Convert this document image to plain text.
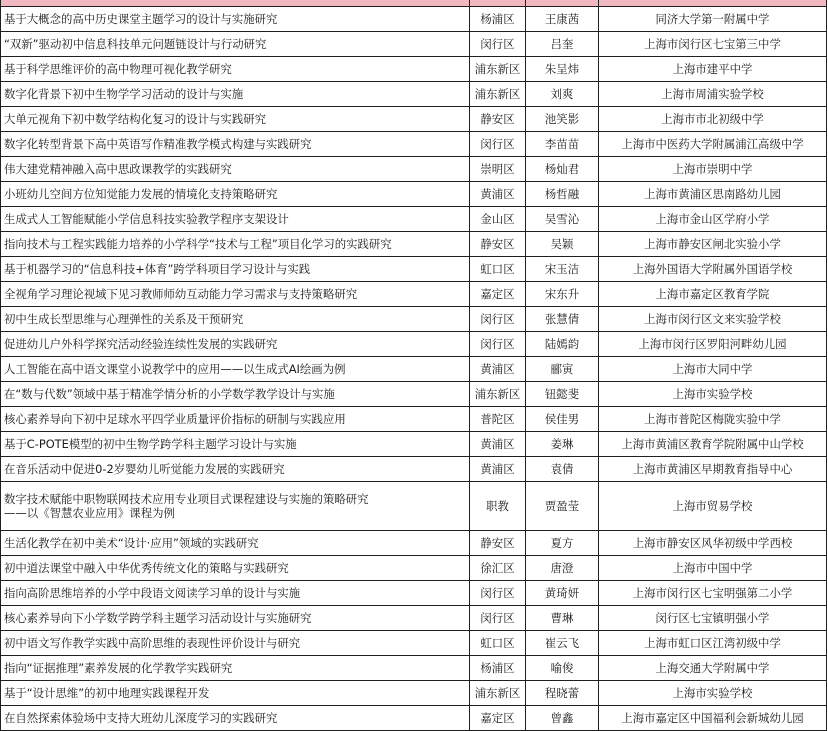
基于大概念的高中历史课堂主题学习的设计与实施研究	杨浦区	王康茜	同济大学第一附属中学
“双新”驱动初中信息科技单元问题链设计与行动研究	闵行区	吕奎	上海市闵行区七宝第三中学
基于科学思维评价的高中物理可视化教学研究	浦东新区	朱呈炜	上海市建平中学
数字化背景下初中生物学学习活动的设计与实施	浦东新区	刘爽	上海市周浦实验学校
大单元视角下初中数学结构化复习的设计与实践研究	静安区	池笑影	上海市市北初级中学
数字化转型背景下高中英语写作精准教学模式构建与实践研究	闵行区	李苗苗	上海市中医药大学附属浦江高级中学
伟大建党精神融入高中思政课教学的实践研究	崇明区	杨灿君	上海市崇明中学
小班幼儿空间方位知觉能力发展的情境化支持策略研究	黄浦区	杨哲融	上海市黄浦区思南路幼儿园
生成式人工智能赋能小学信息科技实验教学程序支架设计	金山区	吴雪沁	上海市金山区学府小学
指向技术与工程实践能力培养的小学科学“技术与工程”项目化学习的实践研究	静安区	吴颖	上海市静安区闸北实验小学
基于机器学习的“信息科技+体育”跨学科项目学习设计与实践	虹口区	宋玉洁	上海外国语大学附属外国语学校
全视角学习理论视域下见习教师师幼互动能力学习需求与支持策略研究	嘉定区	宋东升	上海市嘉定区教育学院
初中生成长型思维与心理弹性的关系及干预研究	闵行区	张慧倩	上海市闵行区文来实验学校
促进幼儿户外科学探究活动经验连续性发展的实践研究	闵行区	陆嫣韵	上海市闵行区罗阳河畔幼儿园
人工智能在高中语文课堂小说教学中的应用——以生成式AI绘画为例	黄浦区	郦寅	上海市大同中学
在“数与代数”领域中基于精准学情分析的小学数学教学设计与实施	浦东新区	钮懿斐	上海市实验学校
核心素养导向下初中足球水平四学业质量评价指标的研制与实践应用	普陀区	侯佳男	上海市普陀区梅陇实验中学
基于C-POTE模型的初中生物学跨学科主题学习设计与实施	黄浦区	姜琳	上海市黄浦区教育学院附属中山学校
在音乐活动中促进0-2岁婴幼儿听觉能力发展的实践研究	黄浦区	袁倩	上海市黄浦区早期教育指导中心

数字技术赋能中职物联网技术应用专业项目式课程建设与实施的策略研究
——以《智慧农业应用》课程为例	职教	贾盈莹	上海市贸易学校
生活化教学在初中美术“设计·应用”领域的实践研究	静安区	夏方	上海市静安区风华初级中学西校
初中道法课堂中融入中华优秀传统文化的策略与实践研究	徐汇区	唐澄	上海市中国中学
指向高阶思维培养的小学中段语文阅读学习单的设计与实施	闵行区	黄琦妍	上海市闵行区七宝明强第二小学
核心素养导向下小学数学跨学科主题学习活动设计与实施研究	闵行区	曹琳	闵行区七宝镇明强小学
初中语文写作教学实践中高阶思维的表现性评价设计与研究	虹口区	崔云飞	上海市虹口区江湾初级中学
指向“证据推理”素养发展的化学教学实践研究	杨浦区	喻俊	上海交通大学附属中学
基于“设计思维”的初中地理实践课程开发	浦东新区	程晓蕾	上海市实验学校
在自然探索体验场中支持大班幼儿深度学习的实践研究	嘉定区	曾鑫	上海市嘉定区中国福利会新城幼儿园
